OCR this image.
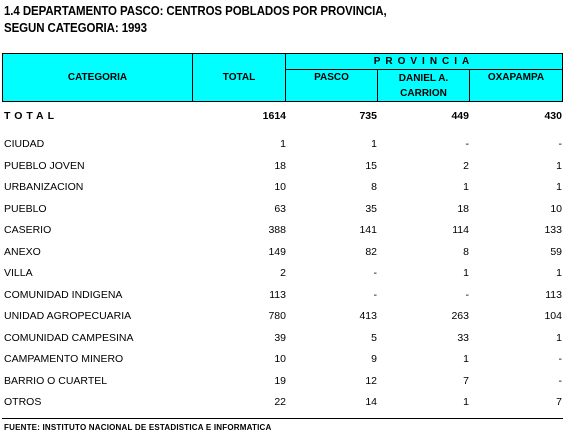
1.4 DEPARTAMENTO PASCO: CENTROS POBLADOS POR PROVINCIA,
SEGUN CATEGORIA: 1993
CATEGORIA	TOTAL
PROVINCIA
PASCO	DANIEL A.
CARRION
OXAPAMPA
TOTAL	1614	735	449	430
CIUDAD	1	1	-	-
PUEBLO JOVEN	18	15	2	1
URBANIZACION	10	8	1	1
PUEBLO	63	35	18	10
CASERIO	388	141	114	133
ANEXO	149	82	8	59
VILLA	2	-	1	1
COMUNIDAD INDIGENA	113	-	-	113
UNIDAD AGROPECUARIA	780	413	263	104
COMUNIDAD CAMPESINA	39	5	33	1
CAMPAMENTO MINERO	10	9	1	-
BARRIO O CUARTEL	19	12	7	-
OTROS	22	14	1	7
FUENTE: INSTITUTO NACIONAL DE ESTADISTICA E INFORMATICA
